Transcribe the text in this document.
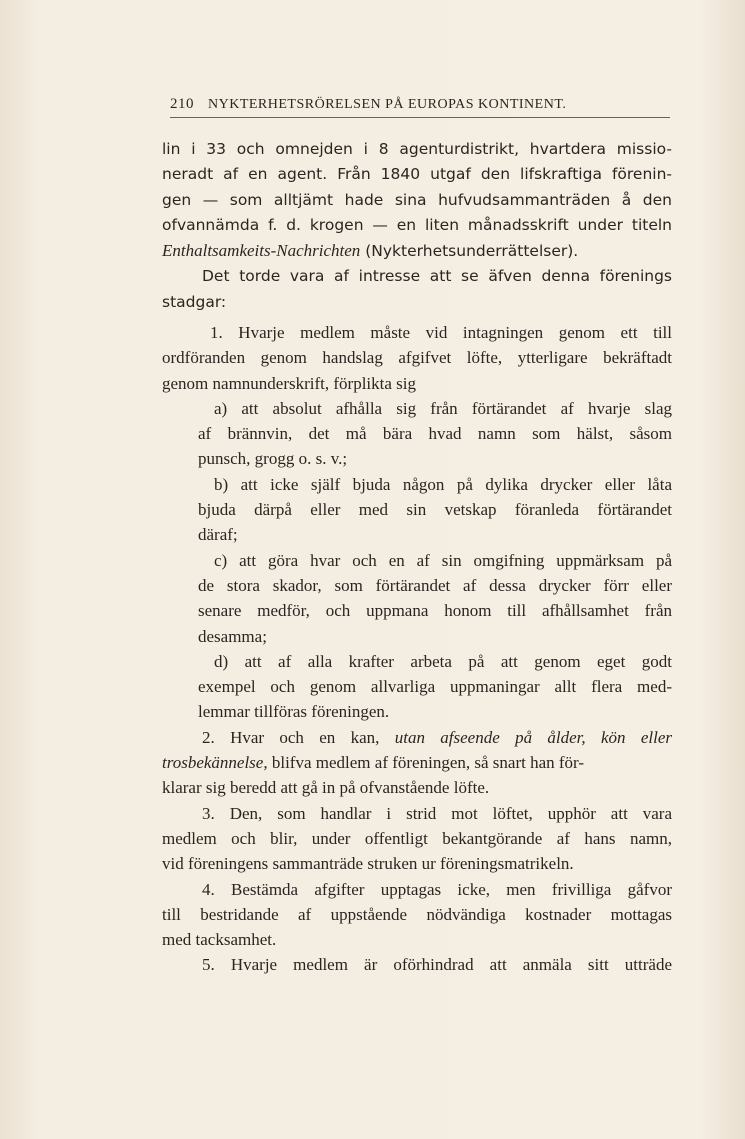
210 NYKTERHETSRÖRELSEN PÅ EUROPAS KONTINENT.
lin i 33 och omnejden i 8 agenturdistrikt, hvartdera missio-
neradt af en agent. Från 1840 utgaf den lifskraftiga förenin-
gen — som alltjämt hade sina hufvudsammanträden å den
ofvannämda f. d. krogen — en liten månadsskrift under titeln
Enthaltsamkeits-Nachrichten (Nykterhetsunderrättelser).
Det torde vara af intresse att se äfven denna förenings
stadgar:
1. Hvarje medlem måste vid intagningen genom ett till
ordföranden genom handslag afgifvet löfte, ytterligare bekräftadt
genom namnunderskrift, förplikta sig
a) att absolut afhålla sig från förtärandet af hvarje slag
af brännvin, det må bära hvad namn som hälst, såsom
punsch, grogg o. s. v.;
b) att icke själf bjuda någon på dylika drycker eller låta
bjuda därpå eller med sin vetskap föranleda förtärandet
däraf;
c) att göra hvar och en af sin omgifning uppmärksam på
de stora skador, som förtärandet af dessa drycker förr eller
senare medför, och uppmana honom till afhållsamhet från
desamma;
d) att af alla krafter arbeta på att genom eget godt
exempel och genom allvarliga uppmaningar allt flera med-
lemmar tillföras föreningen.
2. Hvar och en kan, utan afseende på ålder, kön eller
trosbekännelse, blifva medlem af föreningen, så snart han för-
klarar sig beredd att gå in på ofvanstående löfte.
3. Den, som handlar i strid mot löftet, upphör att vara
medlem och blir, under offentligt bekantgörande af hans namn,
vid föreningens sammanträde struken ur föreningsmatrikeln.
4. Bestämda afgifter upptagas icke, men frivilliga gåfvor
till bestridande af uppstående nödvändiga kostnader mottagas
med tacksamhet.
5. Hvarje medlem är oförhindrad att anmäla sitt utträde
